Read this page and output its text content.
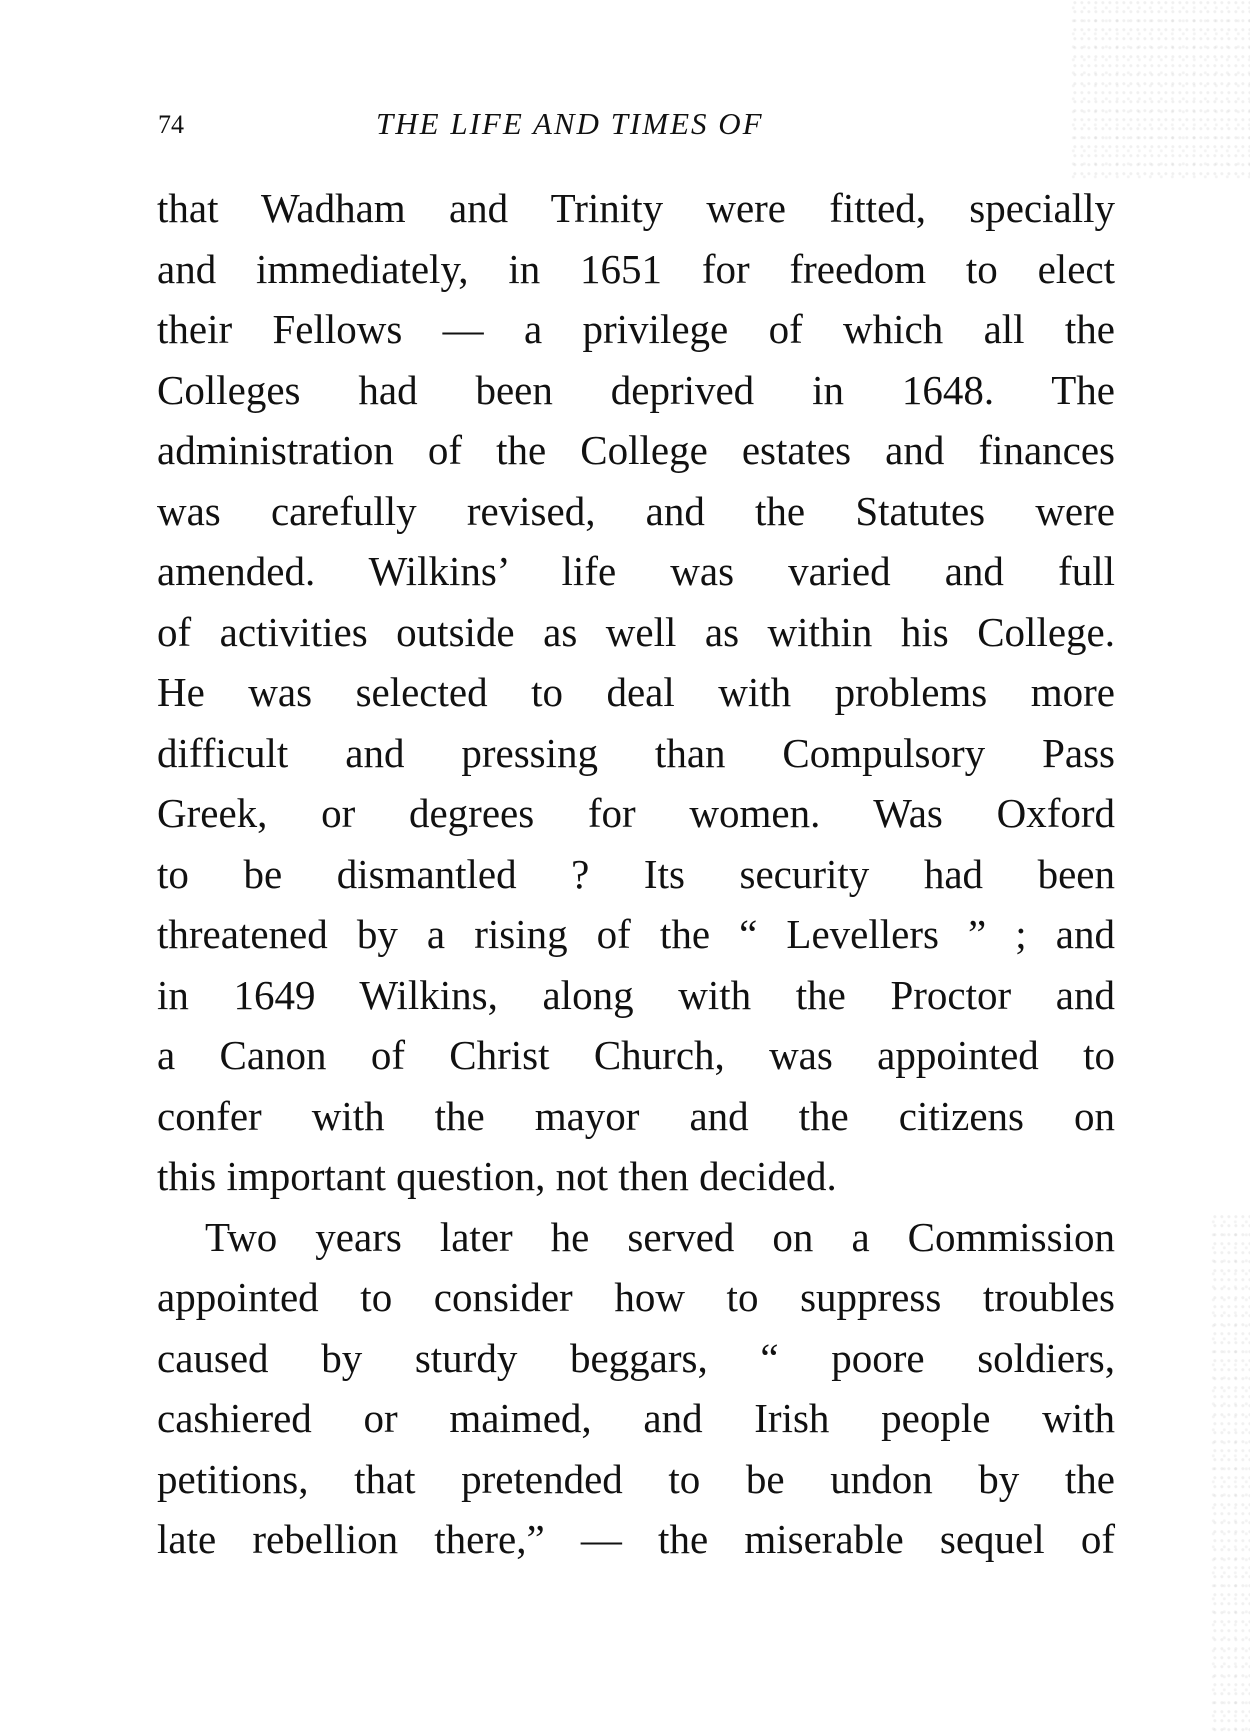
74	THE LIFE AND TIMES OF
that Wadham and Trinity were fitted, specially
and immediately, in 1651 for freedom to elect
their Fellows — a privilege of which all the
Colleges had been deprived in 1648. The
administration of the College estates and finances
was carefully revised, and the Statutes were
amended. Wilkins’ life was varied and full
of activities outside as well as within his College.
He was selected to deal with problems more
difficult and pressing than Compulsory Pass
Greek, or degrees for women. Was Oxford
to be dismantled ? Its security had been
threatened by a rising of the “ Levellers ” ; and
in 1649 Wilkins, along with the Proctor and
a Canon of Christ Church, was appointed to
confer with the mayor and the citizens on
this important question, not then decided.
Two years later he served on a Commission
appointed to consider how to suppress troubles
caused by sturdy beggars, “ poore soldiers,
cashiered or maimed, and Irish people with
petitions, that pretended to be undon by the
late rebellion there,” — the miserable sequel of
